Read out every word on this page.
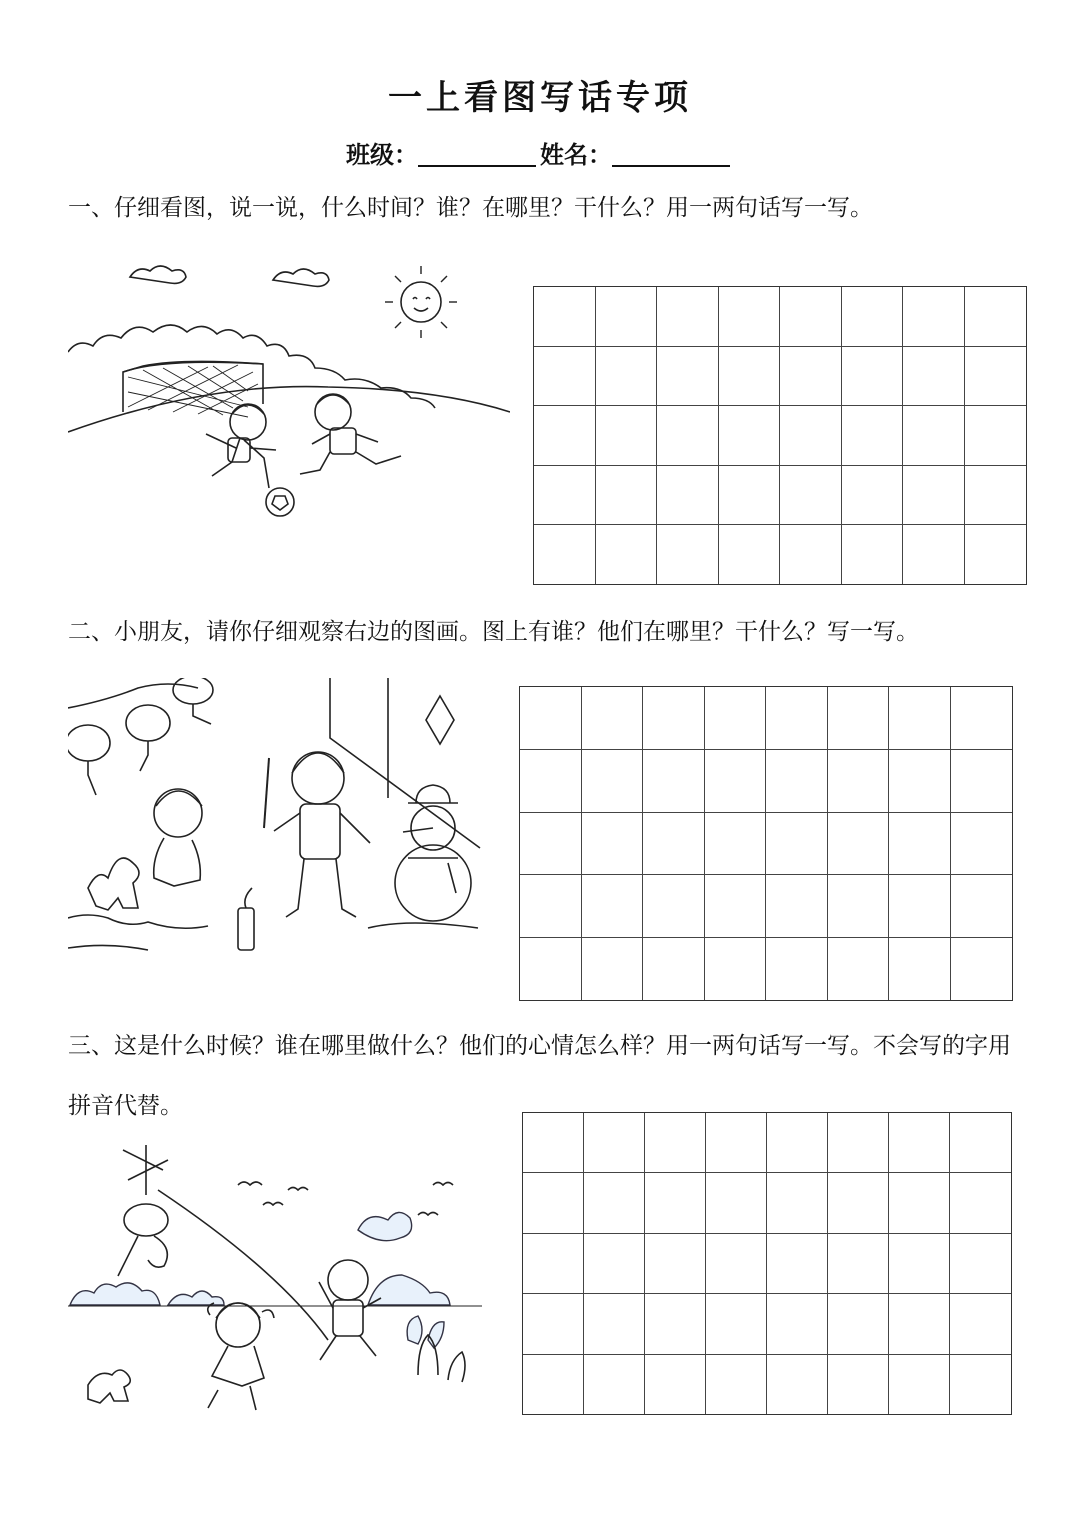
一上看图写话专项
班级：	姓名：
一、仔细看图，说一说，什么时间？谁？在哪里？干什么？用一两句话写一写。
二、小朋友，请你仔细观察右边的图画。图上有谁？他们在哪里？干什么？写一写。
三、这是什么时候？谁在哪里做什么？他们的心情怎么样？用一两句话写一写。不会写的字用拼音代替。
